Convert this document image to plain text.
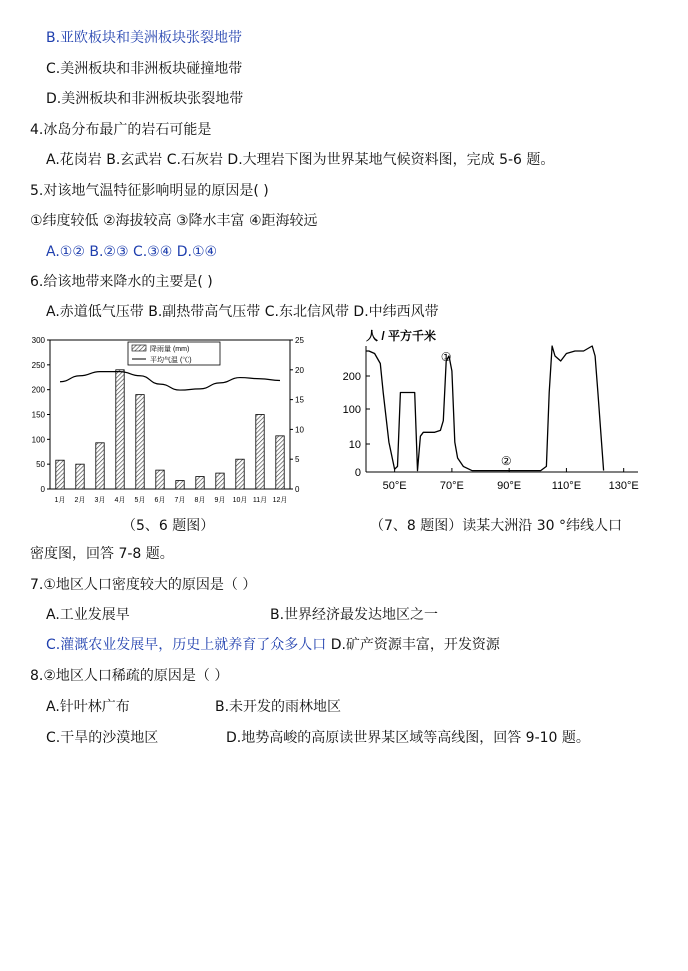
B.亚欧板块和美洲板块张裂地带
C.美洲板块和非洲板块碰撞地带
D.美洲板块和非洲板块张裂地带
4.冰岛分布最广的岩石可能是
A.花岗岩 B.玄武岩 C.石灰岩 D.大理岩下图为世界某地气候资料图，完成 5-6 题。
5.对该地气温特征影响明显的原因是( )
①纬度较低 ②海拔较高 ③降水丰富 ④距海较远
A.①② B.②③ C.③④ D.①④
6.给该地带来降水的主要是( )
A.赤道低气压带 B.副热带高气压带 C.东北信风带 D.中纬西风带
0
50
100
150
200
250
300
0
5
10
15
20
25
1月 2月 3月 4月 5月 6月 7月 8月 9月 10月 11月 12月
降雨量 (mm)
平均气温 (℃)
人 / 平方千米
0
10
100
200
50°E	70°E	90°E	110°E	130°E
①
②
（5、6 题图）	（7、8 题图）读某大洲沿 30 °纬线人口
密度图，回答 7-8 题。
7.①地区人口密度较大的原因是（ ）
A.工业发展早	B.世界经济最发达地区之一
C.灌溉农业发展早，历史上就养育了众多人口 D.矿产资源丰富，开发资源
8.②地区人口稀疏的原因是（ ）
A.针叶林广布	B.未开发的雨林地区
C.干旱的沙漠地区	D.地势高峻的高原读世界某区域等高线图，回答 9-10 题。
